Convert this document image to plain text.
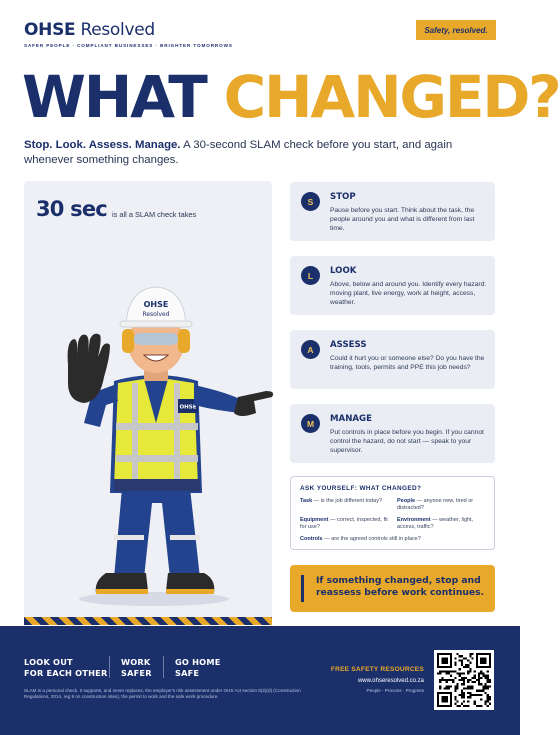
OHSE Resolved
SAFER PEOPLE · COMPLIANT BUSINESSES · BRIGHTER TOMORROWS
Safety, resolved.
WHAT CHANGED?
Stop. Look. Assess. Manage. A 30-second SLAM check before you start, and again whenever something changes.
30 sec is all a SLAM check takes
OHSE
OHSE
Resolved
S	STOP
Pause before you start. Think about the task, the people around you and what is different from last time.
L	LOOK
Above, below and around you. Identify every hazard: moving plant, live energy, work at height, access, weather.
A	ASSESS
Could it hurt you or someone else? Do you have the training, tools, permits and PPE this job needs?
M	MANAGE
Put controls in place before you begin. If you cannot control the hazard, do not start — speak to your supervisor.
ASK YOURSELF: WHAT CHANGED?
Task — is the job different today?	People — anyone new, tired or distracted?
Equipment — correct, inspected, fit for use?
Environment — weather, light, access, traffic?
Controls — are the agreed controls still in place?
If something changed, stop and reassess before work continues.
LOOK OUT
FOR EACH OTHER
WORK
SAFER
GO HOME
SAFE
SLAM is a personal check. It supports, and never replaces, the employer's risk assessment under OHS Act section 8(2)(d) (Construction Regulations, 2014, reg 9 on construction sites), the permit to work and the safe work procedure.
FREE SAFETY RESOURCES
www.ohseresolved.co.za
People · Process · Progress
